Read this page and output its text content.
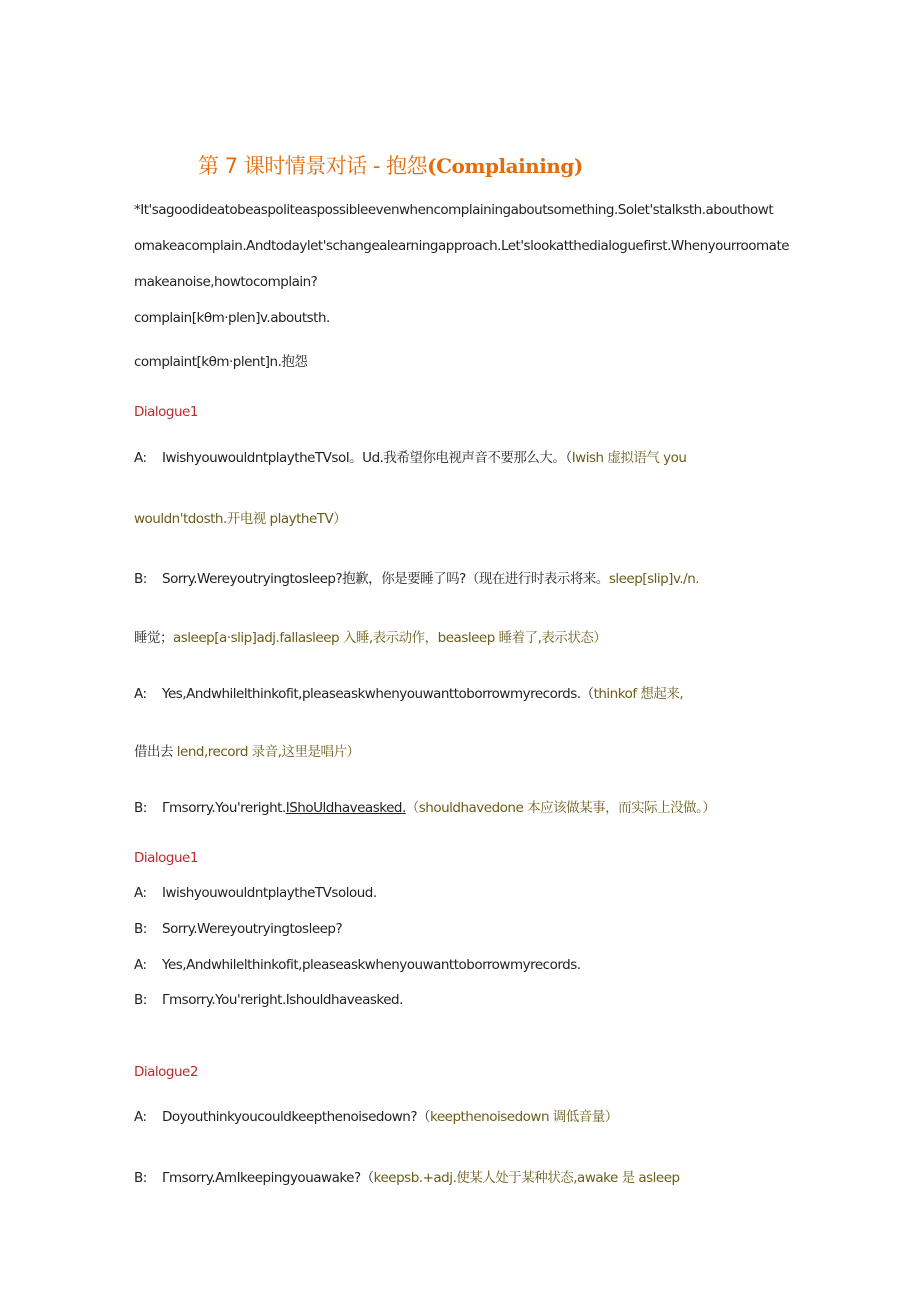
第 7 课时情景对话 - 抱怨(Complaining)
*It'sagoodideatobeaspoliteaspossibleevenwhencomplainingaboutsomething.Solet'stalksth.abouthowt
omakeacomplain.Andtodaylet'schangealearningapproach.Let'slookatthedialoguefirst.Whenyourroomate
makeanoise,howtocomplain?
complain[kθm·plen]v.aboutsth.
complaint[kθm·plent]n.抱怨
Dialogue1
A: IwishyouwouldntplaytheTVsoI。Ud.我希望你电视声音不要那么大。（Iwish 虚拟语气 you
wouldn'tdosth.开电视 playtheTV）
B: Sorry.Wereyoutryingtosleep?抱歉，你是要睡了吗?（现在进行时表示将来。sleep[slip]v./n.
睡觉；asleep[a·slip]adj.fallasleep 入睡,表示动作，beasleep 睡着了,表示状态）
A: Yes,Andwhilelthinkofit,pleaseaskwhenyouwanttoborrowmyrecords.（thinkof 想起来,
借出去 lend,record 录音,这里是唱片）
B: Γmsorry.You'reright.IShoUldhaveasked.（shouldhavedone 本应该做某事，而实际上没做。）
Dialogue1
A: IwishyouwouldntplaytheTVsoloud.
B: Sorry.Wereyoutryingtosleep?
A: Yes,Andwhilelthinkofit,pleaseaskwhenyouwanttoborrowmyrecords.
B: Γmsorry.You'reright.Ishouldhaveasked.
Dialogue2
A: Doyouthinkyoucouldkeepthenoisedown?（keepthenoisedown 调低音量）
B: Γmsorry.AmIkeepingyouawake?（keepsb.+adj.使某人处于某种状态,awake 是 asleep
